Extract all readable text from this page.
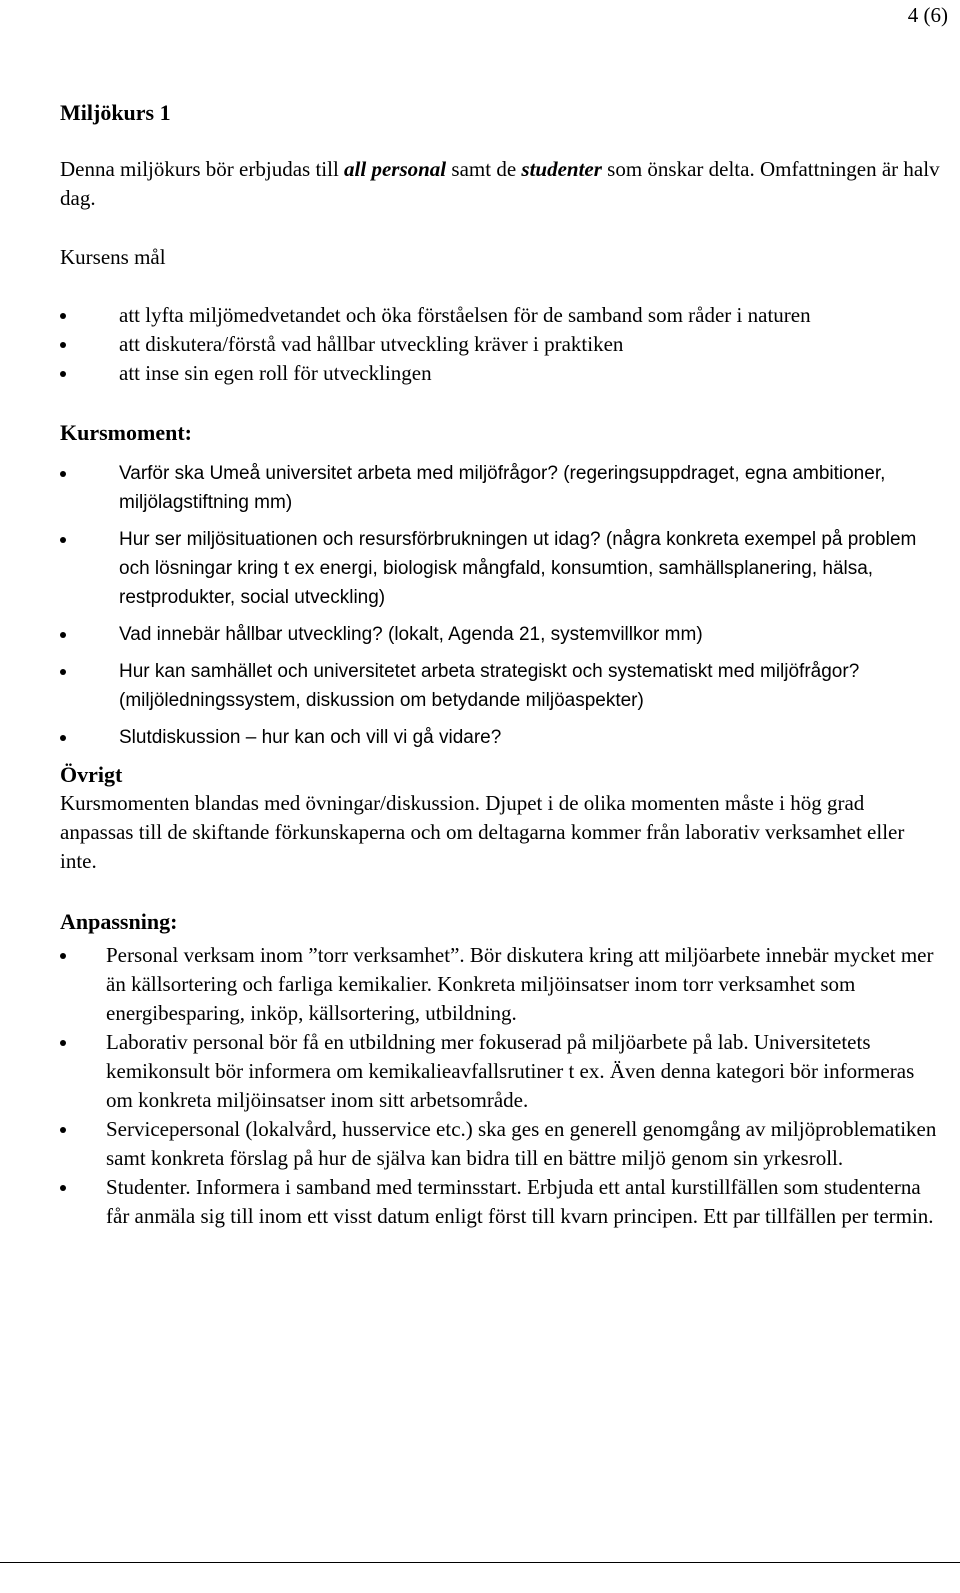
4 (6)
Miljökurs 1

Denna miljökurs bör erbjudas till all personal samt de studenter som önskar delta. Omfattningen är halv dag.

Kursens mål

att lyfta miljömedvetandet och öka förståelsen för de samband som råder i naturen
att diskutera/förstå vad hållbar utveckling kräver i praktiken
att inse sin egen roll för utvecklingen
Kursmoment:
Varför ska Umeå universitet arbeta med miljöfrågor? (regeringsuppdraget, egna ambitioner, miljölagstiftning mm)
Hur ser miljösituationen och resursförbrukningen ut idag? (några konkreta exempel på problem och lösningar kring t ex energi, biologisk mångfald, konsumtion, samhällsplanering, hälsa, restprodukter, social utveckling)
Vad innebär hållbar utveckling? (lokalt, Agenda 21, systemvillkor mm)
Hur kan samhället och universitetet arbeta strategiskt och systematiskt med miljöfrågor? (miljöledningssystem, diskussion om betydande miljöaspekter)
Slutdiskussion – hur kan och vill vi gå vidare?
Övrigt

Kursmomenten blandas med övningar/diskussion. Djupet i de olika momenten måste i hög grad anpassas till de skiftande förkunskaperna och om deltagarna kommer från laborativ verksamhet eller inte.

Anpassning:
Personal verksam inom ”torr verksamhet”. Bör diskutera kring att miljöarbete innebär mycket mer än källsortering och farliga kemikalier. Konkreta miljöinsatser inom torr verksamhet som energibesparing, inköp, källsortering, utbildning.
Laborativ personal bör få en utbildning mer fokuserad på miljöarbete på lab. Universitetets kemikonsult bör informera om kemikalieavfallsrutiner t ex. Även denna kategori bör informeras om konkreta miljöinsatser inom sitt arbetsområde.
Servicepersonal (lokalvård, husservice etc.) ska ges en generell genomgång av miljöproblematiken samt konkreta förslag på hur de själva kan bidra till en bättre miljö genom sin yrkesroll.
Studenter. Informera i samband med terminsstart. Erbjuda ett antal kurstillfällen som studenterna får anmäla sig till inom ett visst datum enligt först till kvarn principen. Ett par tillfällen per termin.
